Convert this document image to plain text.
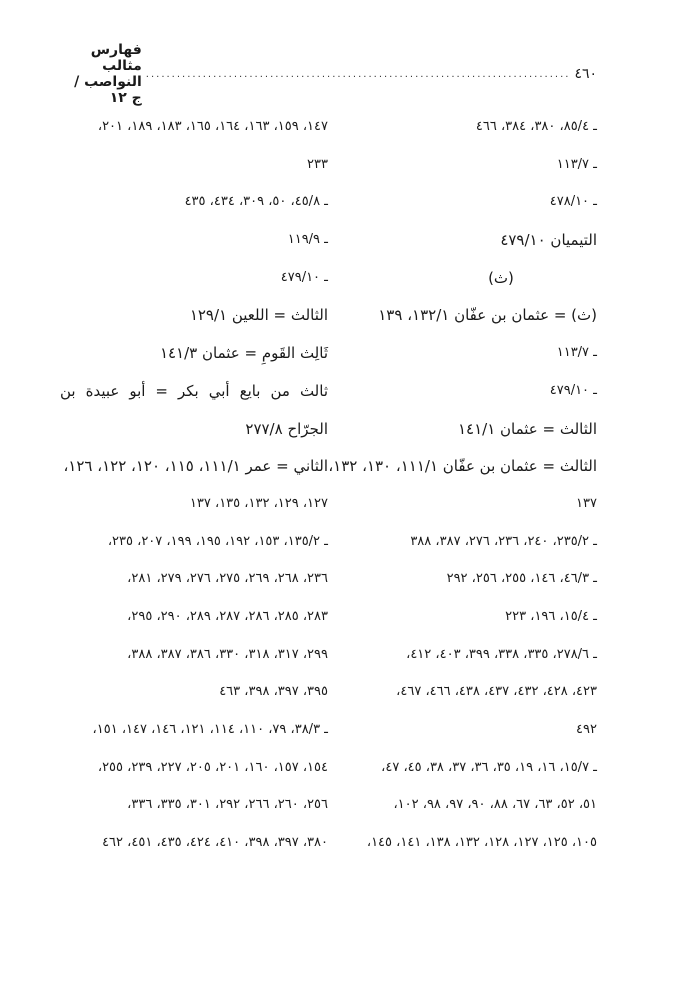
٤٦٠
..................................................................................
فهارس مثالب النواصب / ج ١٢
ـ ٨٥/٤، ٣٨٠، ٣٨٤، ٤٦٦
ـ ١١٣/٧
ـ ٤٧٨/١٠
التيميان ٤٧٩/١٠
(ث)
(ث) = عثمان بن عفّان ١٣٢/١، ١٣٩
ـ ١١٣/٧
ـ ٤٧٩/١٠
الثالث = عثمان ١٤١/١
الثالث = عثمان بن عفّان ١١١/١، ١٣٠، ١٣٢،
١٣٧
ـ ٢٣٥/٢، ٢٤٠، ٢٣٦، ٢٧٦، ٣٨٧، ٣٨٨
ـ ٤٦/٣، ١٤٦، ٢٥٥، ٢٥٦، ٢٩٢
ـ ١٥/٤، ١٩٦، ٢٢٣
ـ ٢٧٨/٦، ٣٣٥، ٣٣٨، ٣٩٩، ٤٠٣، ٤١٢،
٤٢٣، ٤٢٨، ٤٣٢، ٤٣٧، ٤٣٨، ٤٦٦، ٤٦٧،
٤٩٢
ـ ١٥/٧، ١٦، ١٩، ٣٥، ٣٦، ٣٧، ٣٨، ٤٥، ٤٧،
٥١، ٥٢، ٦٣، ٦٧، ٨٨، ٩٠، ٩٧، ٩٨، ١٠٢،
١٠٥، ١٢٥، ١٢٧، ١٢٨، ١٣٢، ١٣٨، ١٤١، ١٤٥،
١٤٧، ١٥٩، ١٦٣، ١٦٤، ١٦٥، ١٨٣، ١٨٩، ٢٠١،
٢٣٣
ـ ٤٥/٨، ٥٠، ٣٠٩، ٤٣٤، ٤٣٥
ـ ١١٩/٩
ـ ٤٧٩/١٠
الثالث = اللعين ١٢٩/١
ثَالِث القَومِ = عثمان ١٤١/٣
ثالث من بايع أبي بكر = أبو عبيدة بن
الجرّاح ٢٧٧/٨
الثاني = عمر ١١١/١، ١١٥، ١٢٠، ١٢٢، ١٢٦،
١٢٧، ١٢٩، ١٣٢، ١٣٥، ١٣٧
ـ ١٣٥/٢، ١٥٣، ١٩٢، ١٩٥، ١٩٩، ٢٠٧، ٢٣٥،
٢٣٦، ٢٦٨، ٢٦٩، ٢٧٥، ٢٧٦، ٢٧٩، ٢٨١،
٢٨٣، ٢٨٥، ٢٨٦، ٢٨٧، ٢٨٩، ٢٩٠، ٢٩٥،
٢٩٩، ٣١٧، ٣١٨، ٣٣٠، ٣٨٦، ٣٨٧، ٣٨٨،
٣٩٥، ٣٩٧، ٣٩٨، ٤٦٣
ـ ٣٨/٣، ٧٩، ١١٠، ١١٤، ١٢١، ١٤٦، ١٤٧، ١٥١،
١٥٤، ١٥٧، ١٦٠، ٢٠١، ٢٠٥، ٢٢٧، ٢٣٩، ٢٥٥،
٢٥٦، ٢٦٠، ٢٦٦، ٢٩٢، ٣٠١، ٣٣٥، ٣٣٦،
٣٨٠، ٣٩٧، ٣٩٨، ٤١٠، ٤٢٤، ٤٣٥، ٤٥١، ٤٦٢
